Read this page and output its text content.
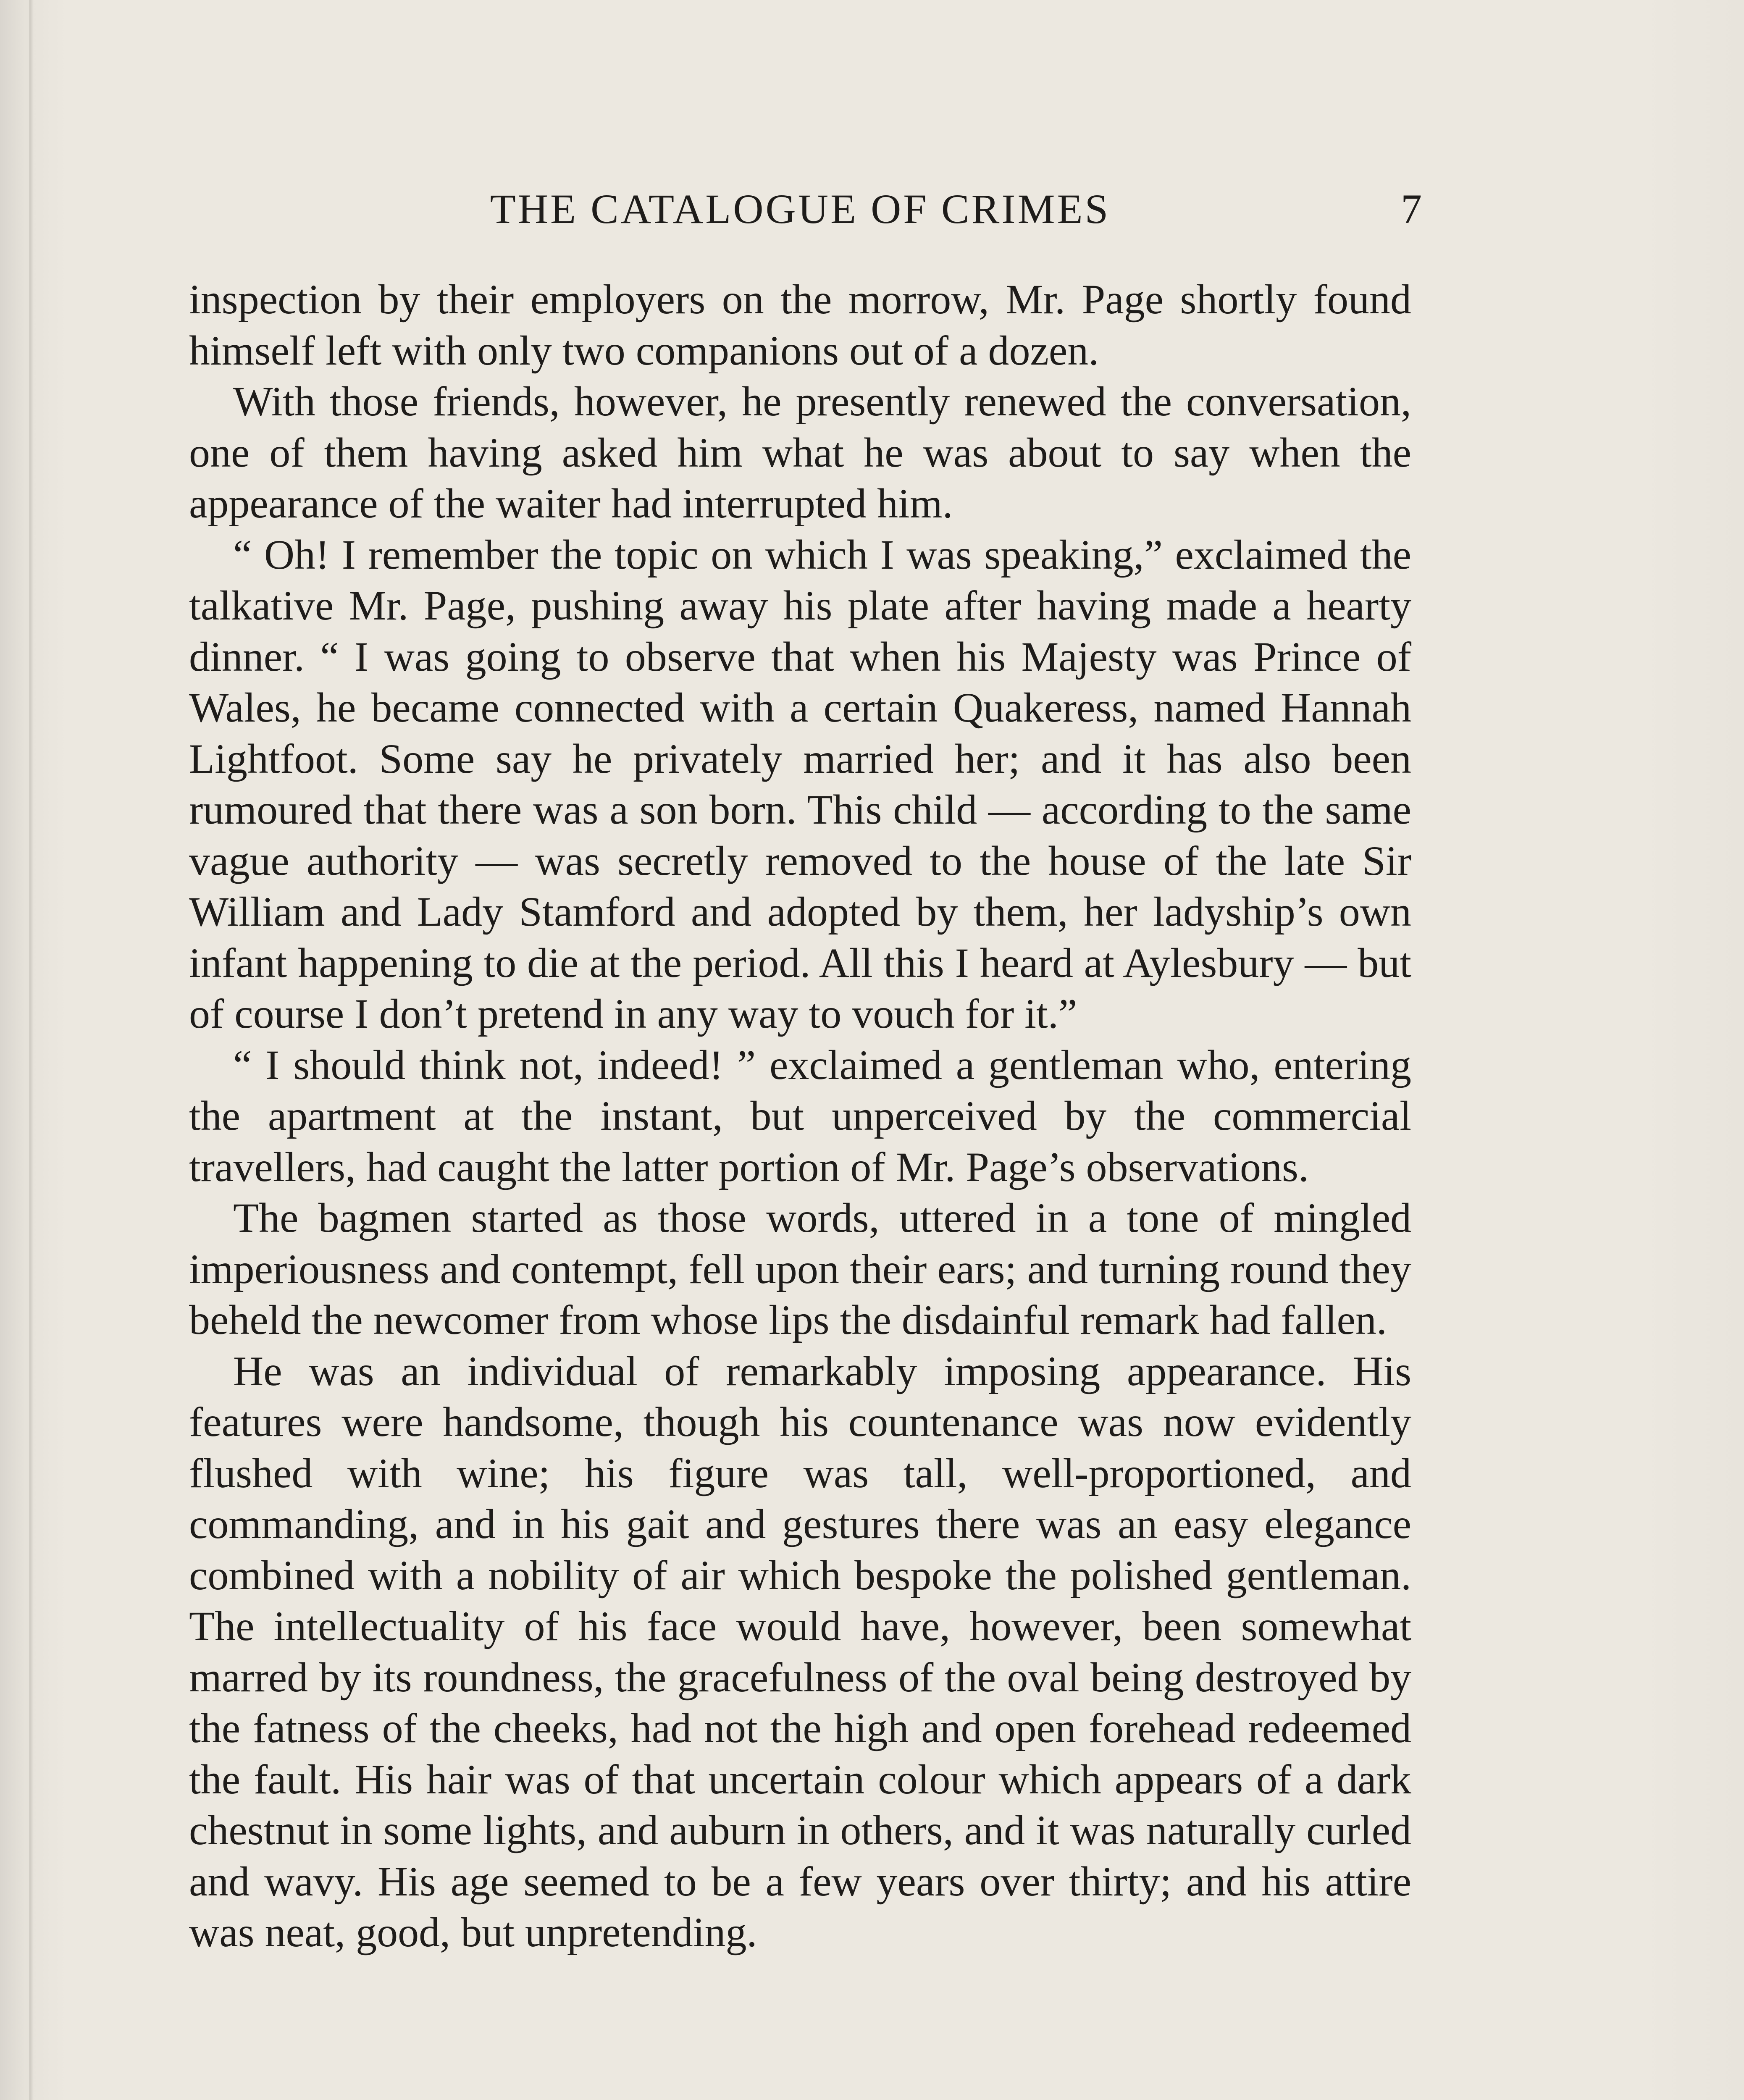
THE CATALOGUE OF CRIMES	7

inspection by their employers on the morrow, Mr. Page shortly found himself left with only two companions out of a dozen.

With those friends, however, he presently renewed the conversation, one of them having asked him what he was about to say when the appearance of the waiter had interrupted him.

“ Oh! I remember the topic on which I was speaking,” exclaimed the talkative Mr. Page, pushing away his plate after having made a hearty dinner. “ I was going to observe that when his Majesty was Prince of Wales, he became connected with a certain Quakeress, named Hannah Lightfoot. Some say he privately married her; and it has also been rumoured that there was a son born. This child — according to the same vague authority — was secretly removed to the house of the late Sir William and Lady Stamford and adopted by them, her ladyship’s own infant happening to die at the period. All this I heard at Aylesbury — but of course I don’t pretend in any way to vouch for it.”

“ I should think not, indeed! ” exclaimed a gentleman who, entering the apartment at the instant, but unperceived by the commercial travellers, had caught the latter portion of Mr. Page’s observations.

The bagmen started as those words, uttered in a tone of mingled imperiousness and contempt, fell upon their ears; and turning round they beheld the newcomer from whose lips the disdainful remark had fallen.

He was an individual of remarkably imposing appearance. His features were handsome, though his countenance was now evidently flushed with wine; his figure was tall, well-proportioned, and commanding, and in his gait and gestures there was an easy elegance combined with a nobility of air which bespoke the polished gentleman. The intellectuality of his face would have, however, been somewhat marred by its roundness, the gracefulness of the oval being destroyed by the fatness of the cheeks, had not the high and open forehead redeemed the fault. His hair was of that uncertain colour which appears of a dark chestnut in some lights, and auburn in others, and it was naturally curled and wavy. His age seemed to be a few years over thirty; and his attire was neat, good, but unpretending.
